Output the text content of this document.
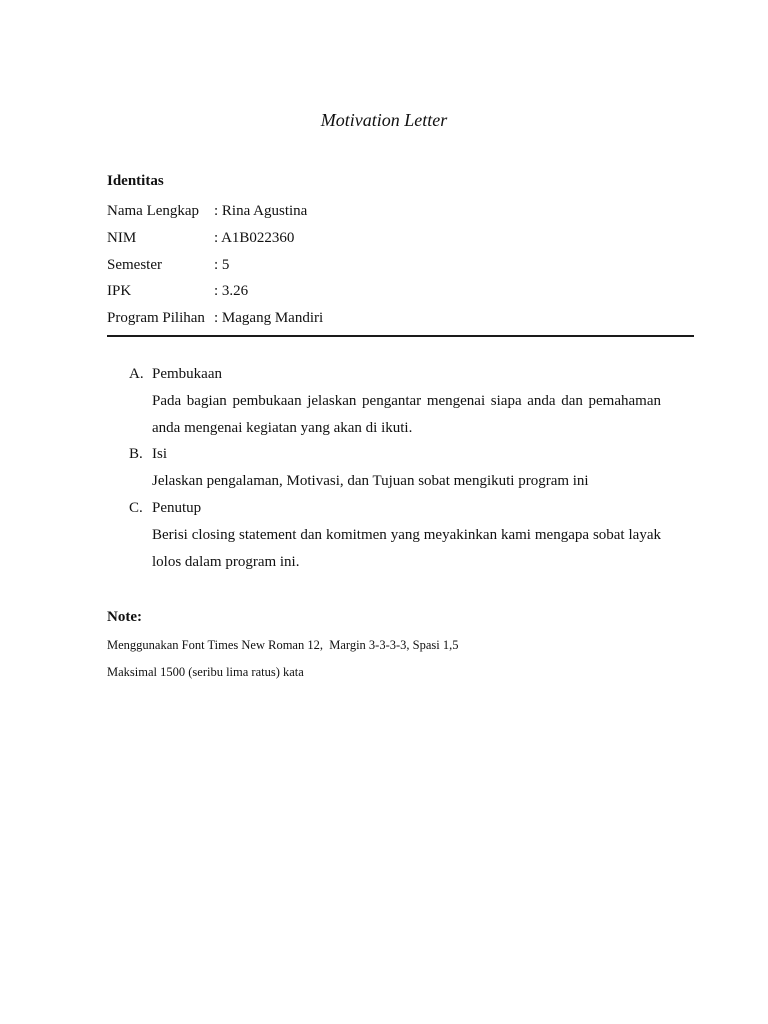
Motivation Letter
Identitas
Nama Lengkap : Rina Agustina
NIM	: A1B022360
Semester	: 5
IPK	: 3.26
Program Pilihan : Magang Mandiri
A. Pembukaan
Pada bagian pembukaan jelaskan pengantar mengenai siapa anda dan pemahaman anda mengenai kegiatan yang akan di ikuti.
B. Isi
Jelaskan pengalaman, Motivasi, dan Tujuan sobat mengikuti program ini
C. Penutup
Berisi closing statement dan komitmen yang meyakinkan kami mengapa sobat layak lolos dalam program ini.
Note:
Menggunakan Font Times New Roman 12,  Margin 3-3-3-3, Spasi 1,5
Maksimal 1500 (seribu lima ratus) kata
